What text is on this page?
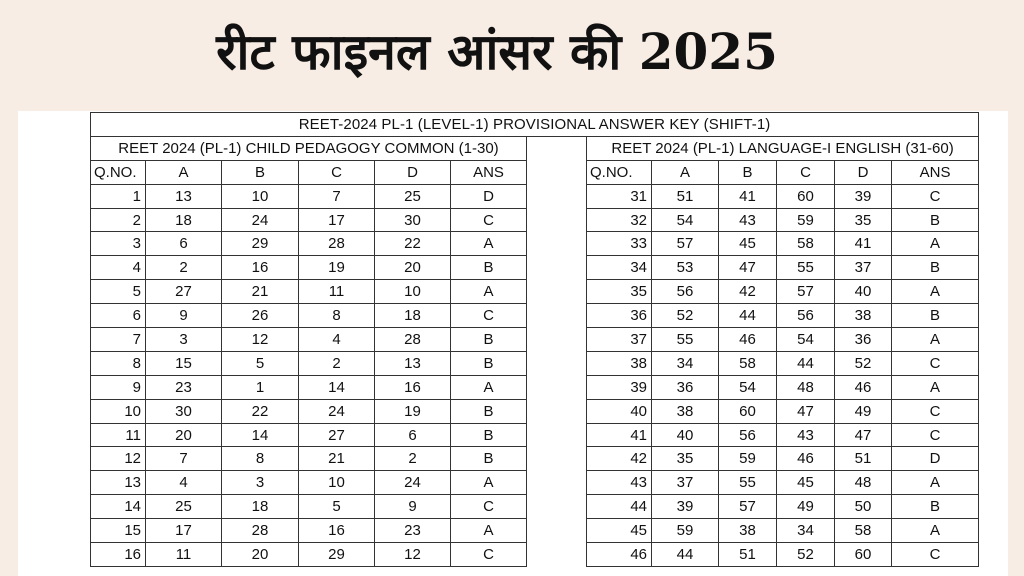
रीट फाइनल आंसर की 2025
REET-2024 PL-1 (LEVEL-1) PROVISIONAL ANSWER KEY (SHIFT-1)												
REET 2024 (PL-1) CHILD PEDAGOGY COMMON (1-30)							REET 2024 (PL-1) LANGUAGE-I ENGLISH (31-60)					
Q.NO.	A	B	C	D	ANS		Q.NO.	A	B	C	D	ANS
1	13	10	7	25	D		31	51	41	60	39	C
2	18	24	17	30	C		32	54	43	59	35	B
3	6	29	28	22	A		33	57	45	58	41	A
4	2	16	19	20	B		34	53	47	55	37	B
5	27	21	11	10	A		35	56	42	57	40	A
6	9	26	8	18	C		36	52	44	56	38	B
7	3	12	4	28	B		37	55	46	54	36	A
8	15	5	2	13	B		38	34	58	44	52	C
9	23	1	14	16	A		39	36	54	48	46	A
10	30	22	24	19	B		40	38	60	47	49	C
11	20	14	27	6	B		41	40	56	43	47	C
12	7	8	21	2	B		42	35	59	46	51	D
13	4	3	10	24	A		43	37	55	45	48	A
14	25	18	5	9	C		44	39	57	49	50	B
15	17	28	16	23	A		45	59	38	34	58	A
16	11	20	29	12	C		46	44	51	52	60	C
